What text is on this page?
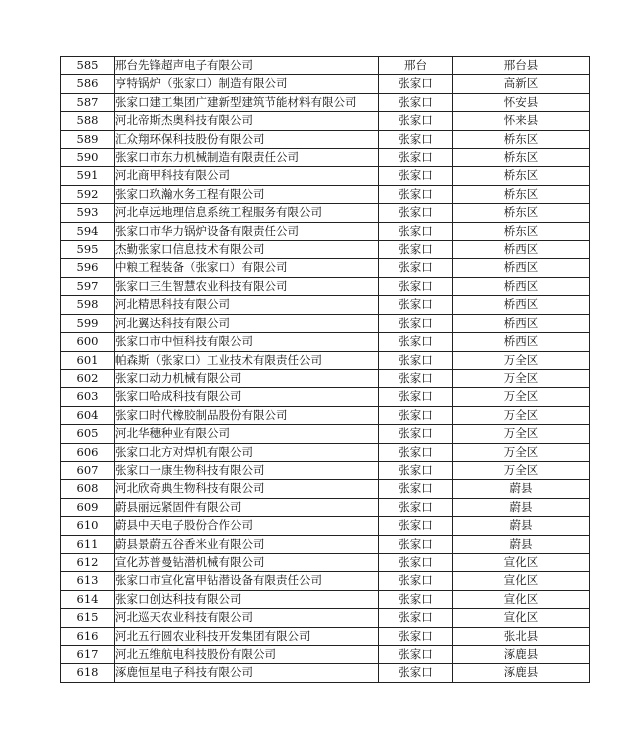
585	邢台先锋超声电子有限公司	邢台	邢台县
586	亨特锅炉（张家口）制造有限公司	张家口	高新区
587	张家口建工集团广建新型建筑节能材料有限公司	张家口	怀安县
588	河北帝斯杰奥科技有限公司	张家口	怀来县
589	汇众翔环保科技股份有限公司	张家口	桥东区
590	张家口市东力机械制造有限责任公司	张家口	桥东区
591	河北商甲科技有限公司	张家口	桥东区
592	张家口玖瀚水务工程有限公司	张家口	桥东区
593	河北卓远地理信息系统工程服务有限公司	张家口	桥东区
594	张家口市华力锅炉设备有限责任公司	张家口	桥东区
595	杰勤张家口信息技术有限公司	张家口	桥西区
596	中粮工程装备（张家口）有限公司	张家口	桥西区
597	张家口三生智慧农业科技有限公司	张家口	桥西区
598	河北精思科技有限公司	张家口	桥西区
599	河北翼达科技有限公司	张家口	桥西区
600	张家口市中恒科技有限公司	张家口	桥西区
601	帕森斯（张家口）工业技术有限责任公司	张家口	万全区
602	张家口动力机械有限公司	张家口	万全区
603	张家口哈成科技有限公司	张家口	万全区
604	张家口时代橡胶制品股份有限公司	张家口	万全区
605	河北华穗种业有限公司	张家口	万全区
606	张家口北方对焊机有限公司	张家口	万全区
607	张家口一康生物科技有限公司	张家口	万全区
608	河北欣奇典生物科技有限公司	张家口	蔚县
609	蔚县丽远紧固件有限公司	张家口	蔚县
610	蔚县中天电子股份合作公司	张家口	蔚县
611	蔚县景蔚五谷香米业有限公司	张家口	蔚县
612	宣化苏普曼钻潜机械有限公司	张家口	宣化区
613	张家口市宣化富甲钻潜设备有限责任公司	张家口	宣化区
614	张家口创达科技有限公司	张家口	宣化区
615	河北巡天农业科技有限公司	张家口	宣化区
616	河北五行圆农业科技开发集团有限公司	张家口	张北县
617	河北五维航电科技股份有限公司	张家口	涿鹿县
618	涿鹿恒星电子科技有限公司	张家口	涿鹿县
